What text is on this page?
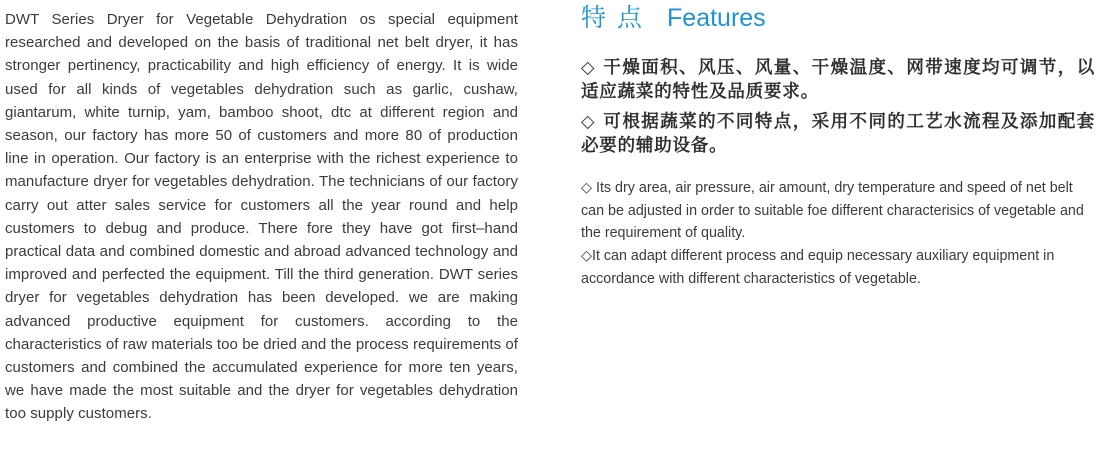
DWT Series Dryer for Vegetable Dehydration os special equipment researched and developed on the basis of traditional net belt dryer, it has stronger pertinency, practicability and high efficiency of energy. It is wide used for all kinds of vegetables dehydration such as garlic, cushaw, giantarum, white turnip, yam, bamboo shoot, dtc at different region and season, our factory has more 50 of customers and more 80 of production line in operation. Our factory is an enterprise with the richest experience to manufacture dryer for vegetables dehydration. The technicians of our factory carry out atter sales service for customers all the year round and help customers to debug and produce. There fore they have got first–hand practical data and combined domestic and abroad advanced technology and improved and perfected the equipment. Till the third generation. DWT series dryer for vegetables dehydration has been developed. we are making advanced productive equipment for customers. according to the characteristics of raw materials too be dried and the process requirements of customers and combined the accumulated experience for more ten years, we have made the most suitable and the dryer for vegetables dehydration too supply customers.
特点 Features

◇ 干燥面积、风压、风量、干燥温度、网带速度均可调节，以适应蔬菜的特性及品质要求。

◇ 可根据蔬菜的不同特点，采用不同的工艺水流程及添加配套必要的辅助设备。

◇ Its dry area, air pressure, air amount, dry temperature and speed of net belt can be adjusted in order to suitable foe different characterisics of vegetable and the requirement of quality.

◇It can adapt different process and equip necessary auxiliary equipment in accordance with different characteristics of vegetable.
